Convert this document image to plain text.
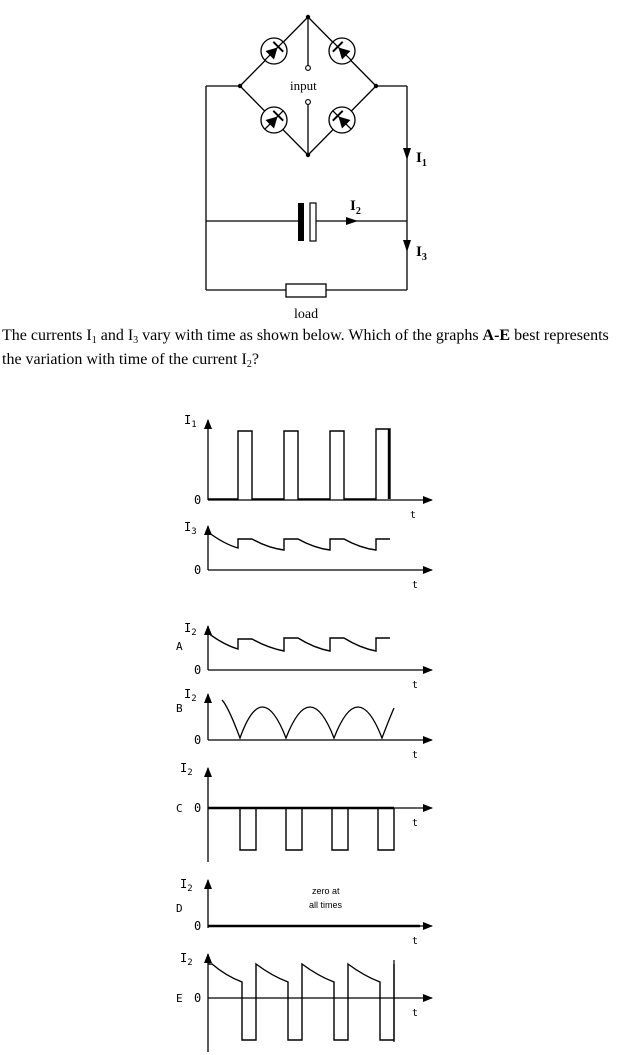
input
load
$I_1$
$I_2$
$I_3$
$I_1$
0
t
$I_3$
0
t
$I_2$
A
0
t
$I_2$
B
0
t
$I_2$
C 0
t
$I_2$
D
0
t
$I_2$
E 0
t
zero at
all times
The currents $I_1$ and $I_3$ vary with time as shown below. Which of the graphs A-E best represents the variation with time of the current $I_2$?
